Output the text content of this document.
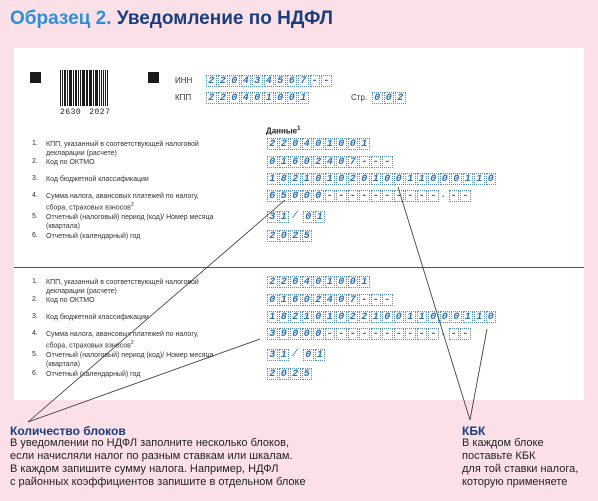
Образец 2. Уведомление по НДФЛ
2630 2027
ИНН 2 2 0 4 3 4 5 6 7 - -
КПП 2 2 0 4 0 1 0 0 1	Стр. 0 0 2
Данные$^1$
1. КПП, указанный в соответствующей налоговой декларации (расчете)
2 2 0 4 0 1 0 0 1
2. Код по ОКТМО	0 1 6 0 2 4 0 7 - - -
3. Код бюджетной классификации	1 8 2 1 0 1 0 2 0 1 0 0 1 1 0 0 0 1 1 0
4. Сумма налога, авансовых платежей по налогу, сбора, страховых взносов$^2$
6 5 0 0 0 - - - - - - - - - - . - -
5. Отчетный (налоговый) период (код)/ Номер месяца (квартала)
3 1 / 0 1
6. Отчетный (календарный) год	2 0 2 5
1. КПП, указанный в соответствующей налоговой декларации (расчете)
2 2 0 4 0 1 0 0 1
2. Код по ОКТМО	0 1 6 0 2 4 0 7 - - -
3. Код бюджетной классификации	1 8 2 1 0 1 0 2 2 1 0 0 1 1 0 0 0 1 1 0
4. Сумма налога, авансовых платежей по налогу, сбора, страховых взносов$^2$
3 9 0 0 0 - - - - - - - - - - . - -
5. Отчетный (налоговый) период (код)/ Номер месяца (квартала)
3 1 / 0 1
6. Отчетный (календарный) год	2 0 2 5
Количество блоков
В уведомлении по НДФЛ заполните несколько блоков,
если начисляли налог по разным ставкам или шкалам.
В каждом запишите сумму налога. Например, НДФЛ
с районных коэффициентов запишите в отдельном блоке
КБК
В каждом блоке
поставьте КБК
для той ставки налога,
которую применяете
